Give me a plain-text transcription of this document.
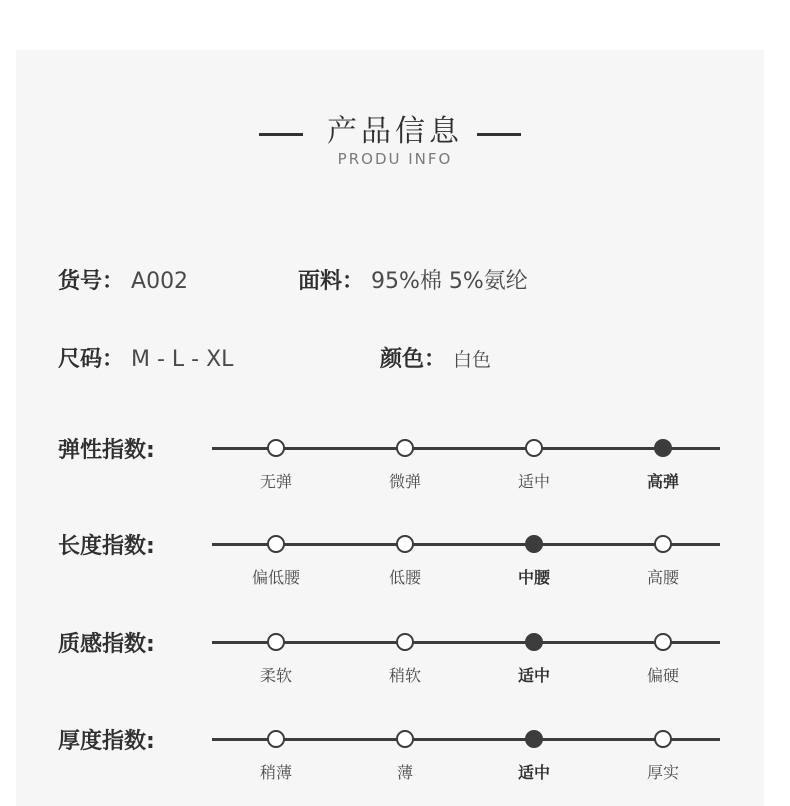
产品信息
PRODU INFO
货号： A002	面料： 95%棉 5%氨纶
尺码： M - L - XL	颜色： 白色
弹性指数:
无弹	微弹	适中	高弹
长度指数:
偏低腰	低腰	中腰	高腰
质感指数:
柔软	稍软	适中	偏硬
厚度指数:
稍薄	薄	适中	厚实
